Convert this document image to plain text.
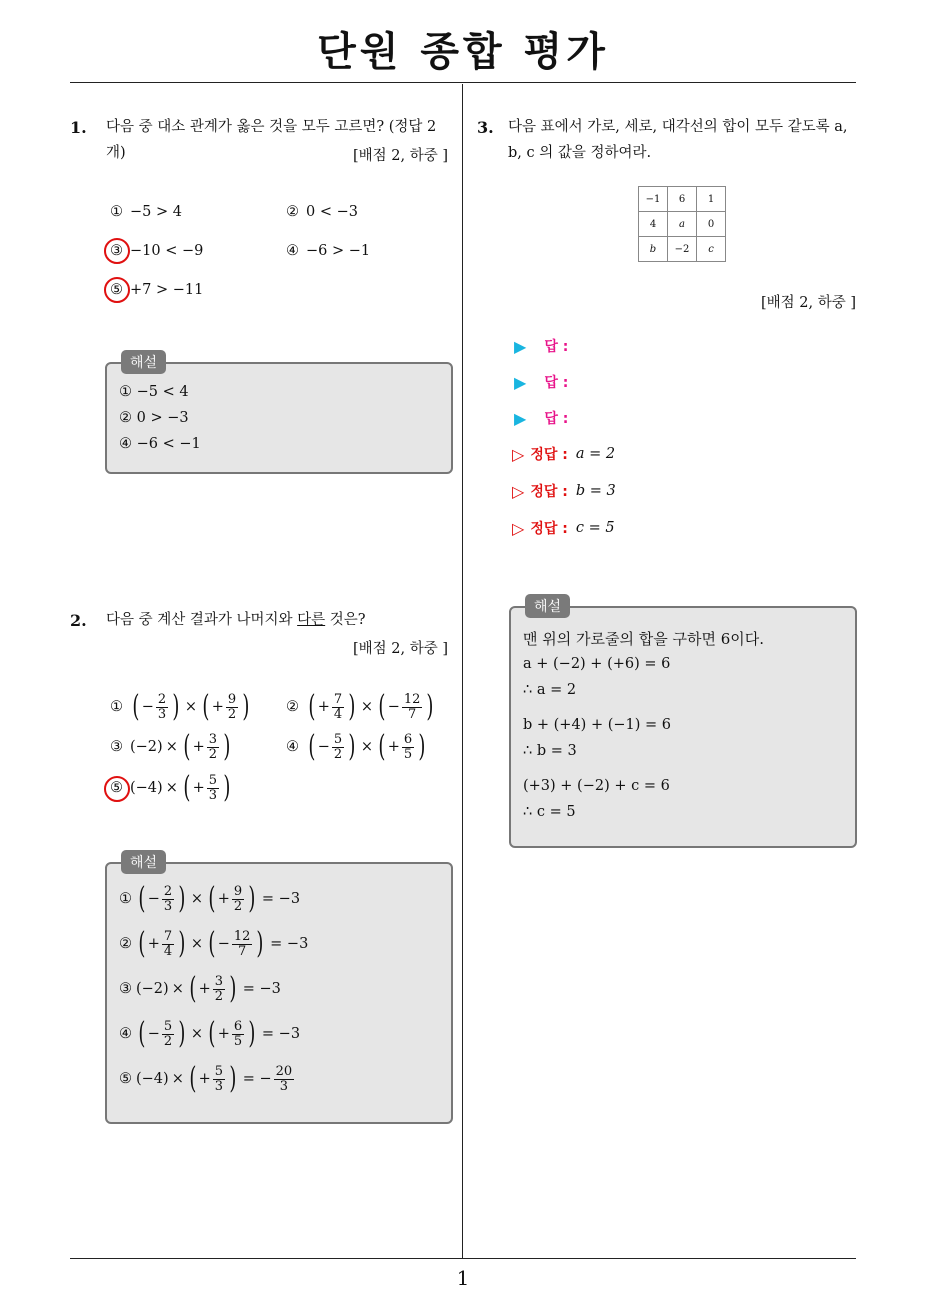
단원 종합 평가
1
1. 다음 중 대소 관계가 옳은 것을 모두 고르면? (정답 2
개)	[배점 2, 하중 ]
① −5 > 4	② 0 < −3
③ −10 < −9	④ −6 > −1
⑤ +7 > −11
해설
① −5 < 4
② 0 > −3
④ −6 < −1
2. 다음 중 계산 결과가 나머지와 다른 것은?
[배점 2, 하중 ]
① ( − $\frac{2}{3}$ ) × ( + $\frac{9}{2}$ )	② ( + $\frac{7}{4}$ ) × ( − $\frac{12}{7}$ )
③ (−2) × ( + $\frac{3}{2}$ )	④ ( − $\frac{5}{2}$ ) × ( + $\frac{6}{5}$ )
⑤ (−4) × ( + $\frac{5}{3}$ )
해설
① ( − $\frac{2}{3}$ ) × ( + $\frac{9}{2}$ ) = −3
② ( + $\frac{7}{4}$ ) × ( − $\frac{12}{7}$ ) = −3
③ (−2) × ( + $\frac{3}{2}$ ) = −3
④ ( − $\frac{5}{2}$ ) × ( + $\frac{6}{5}$ ) = −3
⑤ (−4) × ( + $\frac{5}{3}$ ) = − $\frac{20}{3}$
3. 다음 표에서 가로, 세로, 대각선의 합이 모두 같도록 a,
b, c 의 값을 정하여라.
−1	6	1
4	a	0
b	−2	c
[배점 2, 하중 ]
▶ 답 :
▶ 답 :
▶ 답 :
▷ 정답 : a = 2
▷ 정답 : b = 3
▷ 정답 : c = 5
해설
맨 위의 가로줄의 합을 구하면 6이다.
a + (−2) + (+6) = 6
∴ a = 2
b + (+4) + (−1) = 6
∴ b = 3
(+3) + (−2) + c = 6
∴ c = 5
